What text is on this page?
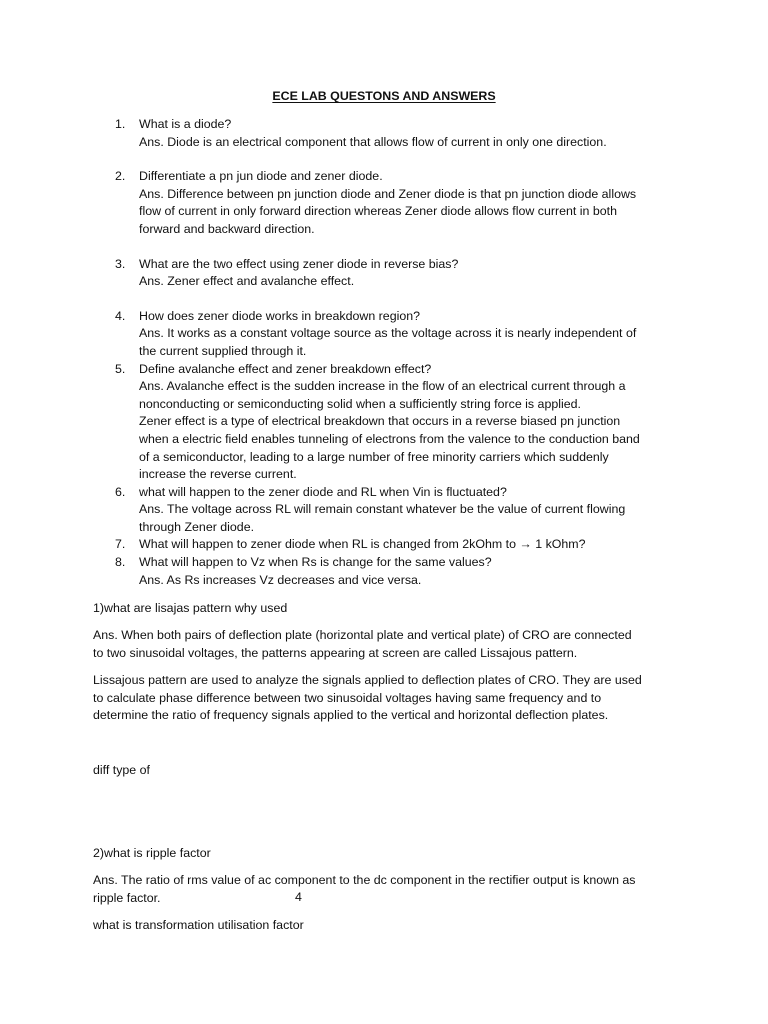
ECE LAB QUESTONS AND ANSWERS
1. What is a diode?
Ans. Diode is an electrical component that allows flow of current in only one direction.
2. Differentiate a pn jun diode and zener diode.
Ans. Difference between pn junction diode and Zener diode is that pn junction diode allows
flow of current in only forward direction whereas Zener diode allows flow current in both
forward and backward direction.
3. What are the two effect using zener diode in reverse bias?
Ans. Zener effect and avalanche effect.
4. How does zener diode works in breakdown region?
Ans. It works as a constant voltage source as the voltage across it is nearly independent of
the current supplied through it.
5. Define avalanche effect and zener breakdown effect?
Ans. Avalanche effect is the sudden increase in the flow of an electrical current through a
nonconducting or semiconducting solid when a sufficiently string force is applied.
Zener effect is a type of electrical breakdown that occurs in a reverse biased pn junction
when a electric field enables tunneling of electrons from the valence to the conduction band
of a semiconductor, leading to a large number of free minority carriers which suddenly
increase the reverse current.
6. what will happen to the zener diode and RL when Vin is fluctuated?
Ans. The voltage across RL will remain constant whatever be the value of current flowing
through Zener diode.
7. What will happen to zener diode when RL is changed from 2kOhm to → 1 kOhm?
8. What will happen to Vz when Rs is change for the same values?
Ans. As Rs increases Vz decreases and vice versa.
1)what are lisajas pattern why used
Ans. When both pairs of deflection plate (horizontal plate and vertical plate) of CRO are connected
to two sinusoidal voltages, the patterns appearing at screen are called Lissajous pattern.
Lissajous pattern are used to analyze the signals applied to deflection plates of CRO. They are used
to calculate phase difference between two sinusoidal voltages having same frequency and to
determine the ratio of frequency signals applied to the vertical and horizontal deflection plates.
diff type of
2)what is ripple factor
Ans. The ratio of rms value of ac component to the dc component in the rectifier output is known as
ripple factor.	4
what is transformation utilisation factor
